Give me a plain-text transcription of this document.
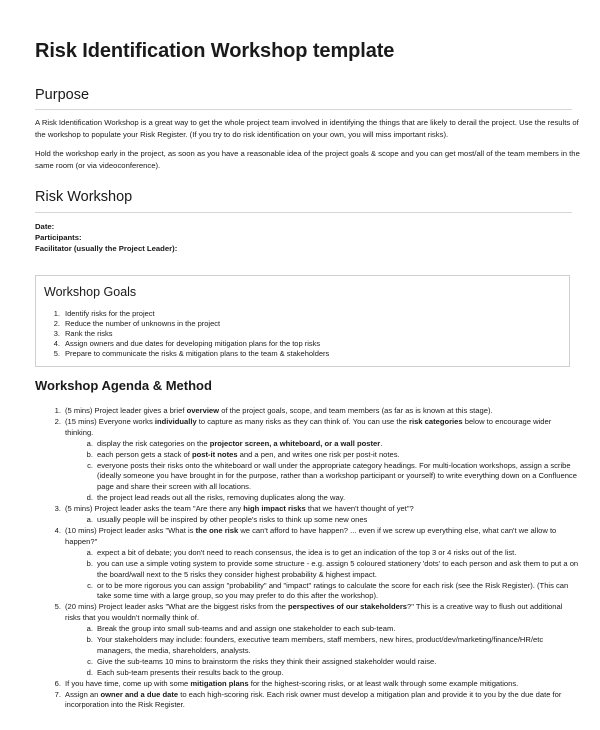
Risk Identification Workshop template
Purpose
A Risk Identification Workshop is a great way to get the whole project team involved in identifying the things that are likely to derail the project. Use the results of the workshop to populate your Risk Register. (If you try to do risk identification on your own, you will miss important risks).
Hold the workshop early in the project, as soon as you have a reasonable idea of the project goals & scope and you can get most/all of the team members in the same room (or via videoconference).
Risk Workshop
Date:
Participants:
Facilitator (usually the Project Leader):
Workshop Goals
1. Identify risks for the project
2. Reduce the number of unknowns in the project
3. Rank the risks
4. Assign owners and due dates for developing mitigation plans for the top risks
5. Prepare to communicate the risks & mitigation plans to the team & stakeholders
Workshop Agenda & Method
1. (5 mins) Project leader gives a brief overview of the project goals, scope, and team members (as far as is known at this stage).
2. (15 mins) Everyone works individually to capture as many risks as they can think of. You can use the risk categories below to encourage wider thinking.
a. display the risk categories on the projector screen, a whiteboard, or a wall poster.
b. each person gets a stack of post-it notes and a pen, and writes one risk per post-it notes.
c. everyone posts their risks onto the whiteboard or wall under the appropriate category headings. For multi-location workshops, assign a scribe (ideally someone you have brought in for the purpose, rather than a workshop participant or yourself) to write everything down on a Confluence page and share their screen with all locations.
d. the project lead reads out all the risks, removing duplicates along the way.
3. (5 mins) Project leader asks the team "Are there any high impact risks that we haven't thought of yet"?
a. usually people will be inspired by other people's risks to think up some new ones
4. (10 mins) Project leader asks "What is the one risk we can't afford to have happen? ... even if we screw up everything else, what can't we allow to happen?"
a. expect a bit of debate; you don't need to reach consensus, the idea is to get an indication of the top 3 or 4 risks out of the list.
b. you can use a simple voting system to provide some structure - e.g. assign 5 coloured stationery 'dots' to each person and ask them to put a on the board/wall next to the 5 risks they consider highest probability & highest impact.
c. or to be more rigorous you can assign "probability" and "impact" ratings to calculate the score for each risk (see the Risk Register). (This can take some time with a large group, so you may prefer to do this after the workshop).
5. (20 mins) Project leader asks "What are the biggest risks from the perspectives of our stakeholders?" This is a creative way to flush out additional risks that you wouldn't normally think of.
a. Break the group into small sub-teams and and assign one stakeholder to each sub-team.
b. Your stakeholders may include: founders, executive team members, staff members, new hires, product/dev/marketing/finance/HR/etc managers, the media, shareholders, analysts.
c. Give the sub-teams 10 mins to brainstorm the risks they think their assigned stakeholder would raise.
d. Each sub-team presents their results back to the group.
6. If you have time, come up with some mitigation plans for the highest-scoring risks, or at least walk through some example mitigations.
7. Assign an owner and a due date to each high-scoring risk. Each risk owner must develop a mitigation plan and provide it to you by the due date for incorporation into the Risk Register.
